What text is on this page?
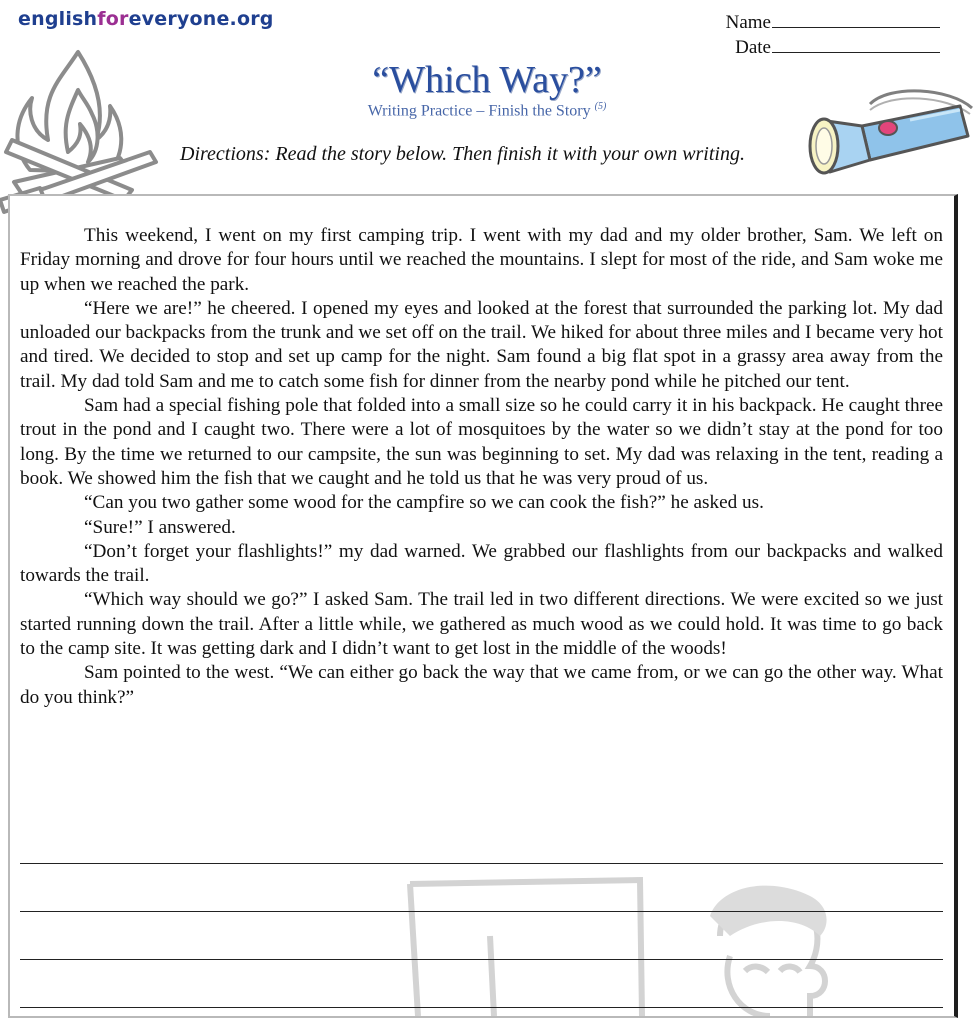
englishforeveryone.org	Name
Date
“Which Way?”
Writing Practice – Finish the Story $^{(5)}$
Directions: Read the story below. Then finish it with your own writing.

This weekend, I went on my first camping trip. I went with my dad and my older brother, Sam. We left on Friday morning and drove for four hours until we reached the mountains. I slept for most of the ride, and Sam woke me up when we reached the park.

“Here we are!” he cheered. I opened my eyes and looked at the forest that surrounded the parking lot. My dad unloaded our backpacks from the trunk and we set off on the trail. We hiked for about three miles and I became very hot and tired. We decided to stop and set up camp for the night. Sam found a big flat spot in a grassy area away from the trail. My dad told Sam and me to catch some fish for dinner from the nearby pond while he pitched our tent.

Sam had a special fishing pole that folded into a small size so he could carry it in his backpack. He caught three trout in the pond and I caught two. There were a lot of mosquitoes by the water so we didn’t stay at the pond for too long. By the time we returned to our campsite, the sun was beginning to set. My dad was relaxing in the tent, reading a book. We showed him the fish that we caught and he told us that he was very proud of us.

“Can you two gather some wood for the campfire so we can cook the fish?” he asked us.

“Sure!” I answered.

“Don’t forget your flashlights!” my dad warned. We grabbed our flashlights from our backpacks and walked towards the trail.

“Which way should we go?” I asked Sam. The trail led in two different directions. We were excited so we just started running down the trail. After a little while, we gathered as much wood as we could hold. It was time to go back to the camp site. It was getting dark and I didn’t want to get lost in the middle of the woods!

Sam pointed to the west. “We can either go back the way that we came from, or we can go the other way. What do you think?”
